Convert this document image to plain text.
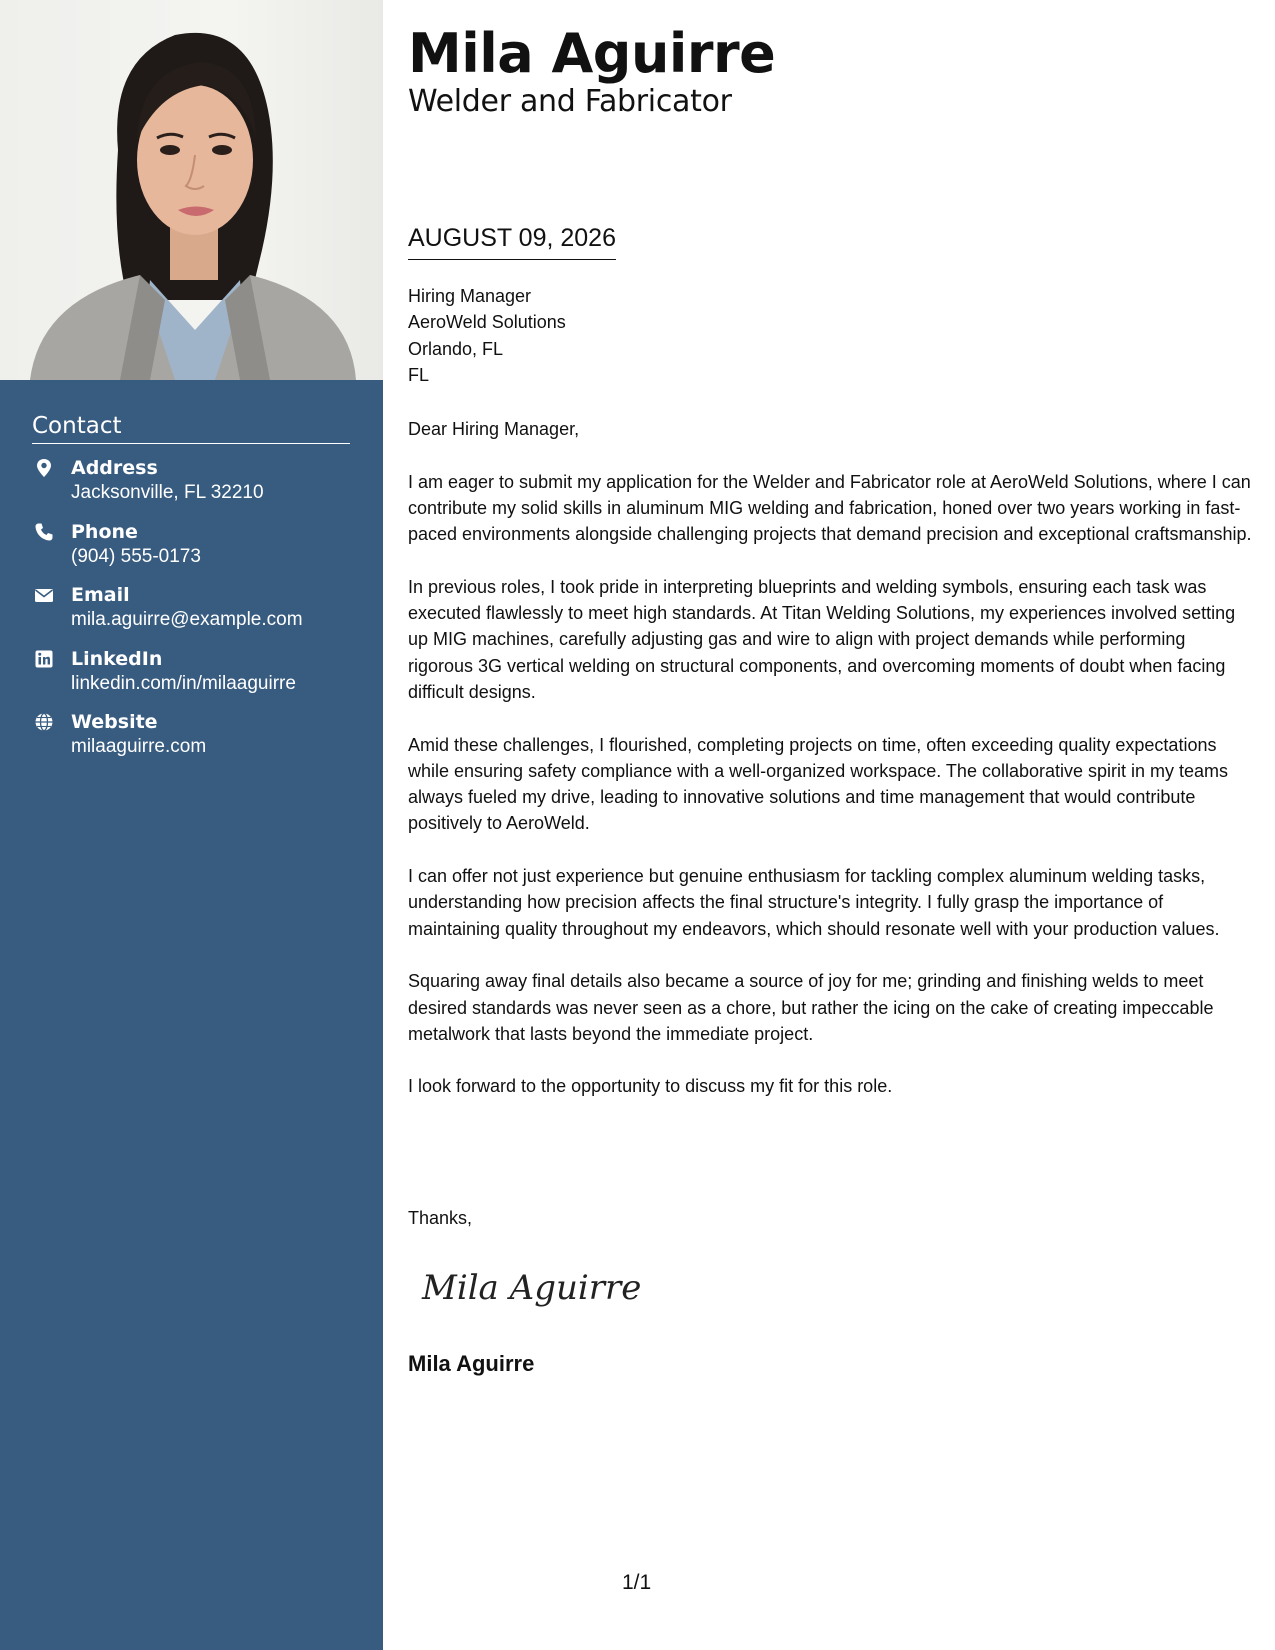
Contact
Address
Jacksonville, FL 32210
Phone
(904) 555-0173
Email
mila.aguirre@example.com
LinkedIn
linkedin.com/in/milaaguirre
Website
milaaguirre.com
Mila Aguirre
Welder and Fabricator
AUGUST 09, 2026
Hiring Manager
AeroWeld Solutions
Orlando, FL
FL

Dear Hiring Manager,

I am eager to submit my application for the Welder and Fabricator role at AeroWeld Solutions, where I can contribute my solid skills in aluminum MIG welding and fabrication, honed over two years working in fast-paced environments alongside challenging projects that demand precision and exceptional craftsmanship.

In previous roles, I took pride in interpreting blueprints and welding symbols, ensuring each task was executed flawlessly to meet high standards. At Titan Welding Solutions, my experiences involved setting up MIG machines, carefully adjusting gas and wire to align with project demands while performing rigorous 3G vertical welding on structural components, and overcoming moments of doubt when facing difficult designs.

Amid these challenges, I flourished, completing projects on time, often exceeding quality expectations while ensuring safety compliance with a well-organized workspace. The collaborative spirit in my teams always fueled my drive, leading to innovative solutions and time management that would contribute positively to AeroWeld.

I can offer not just experience but genuine enthusiasm for tackling complex aluminum welding tasks, understanding how precision affects the final structure's integrity. I fully grasp the importance of maintaining quality throughout my endeavors, which should resonate well with your production values.

Squaring away final details also became a source of joy for me; grinding and finishing welds to meet desired standards was never seen as a chore, but rather the icing on the cake of creating impeccable metalwork that lasts beyond the immediate project.

I look forward to the opportunity to discuss my fit for this role.

Thanks,
Mila Aguirre
Mila Aguirre
1/1
